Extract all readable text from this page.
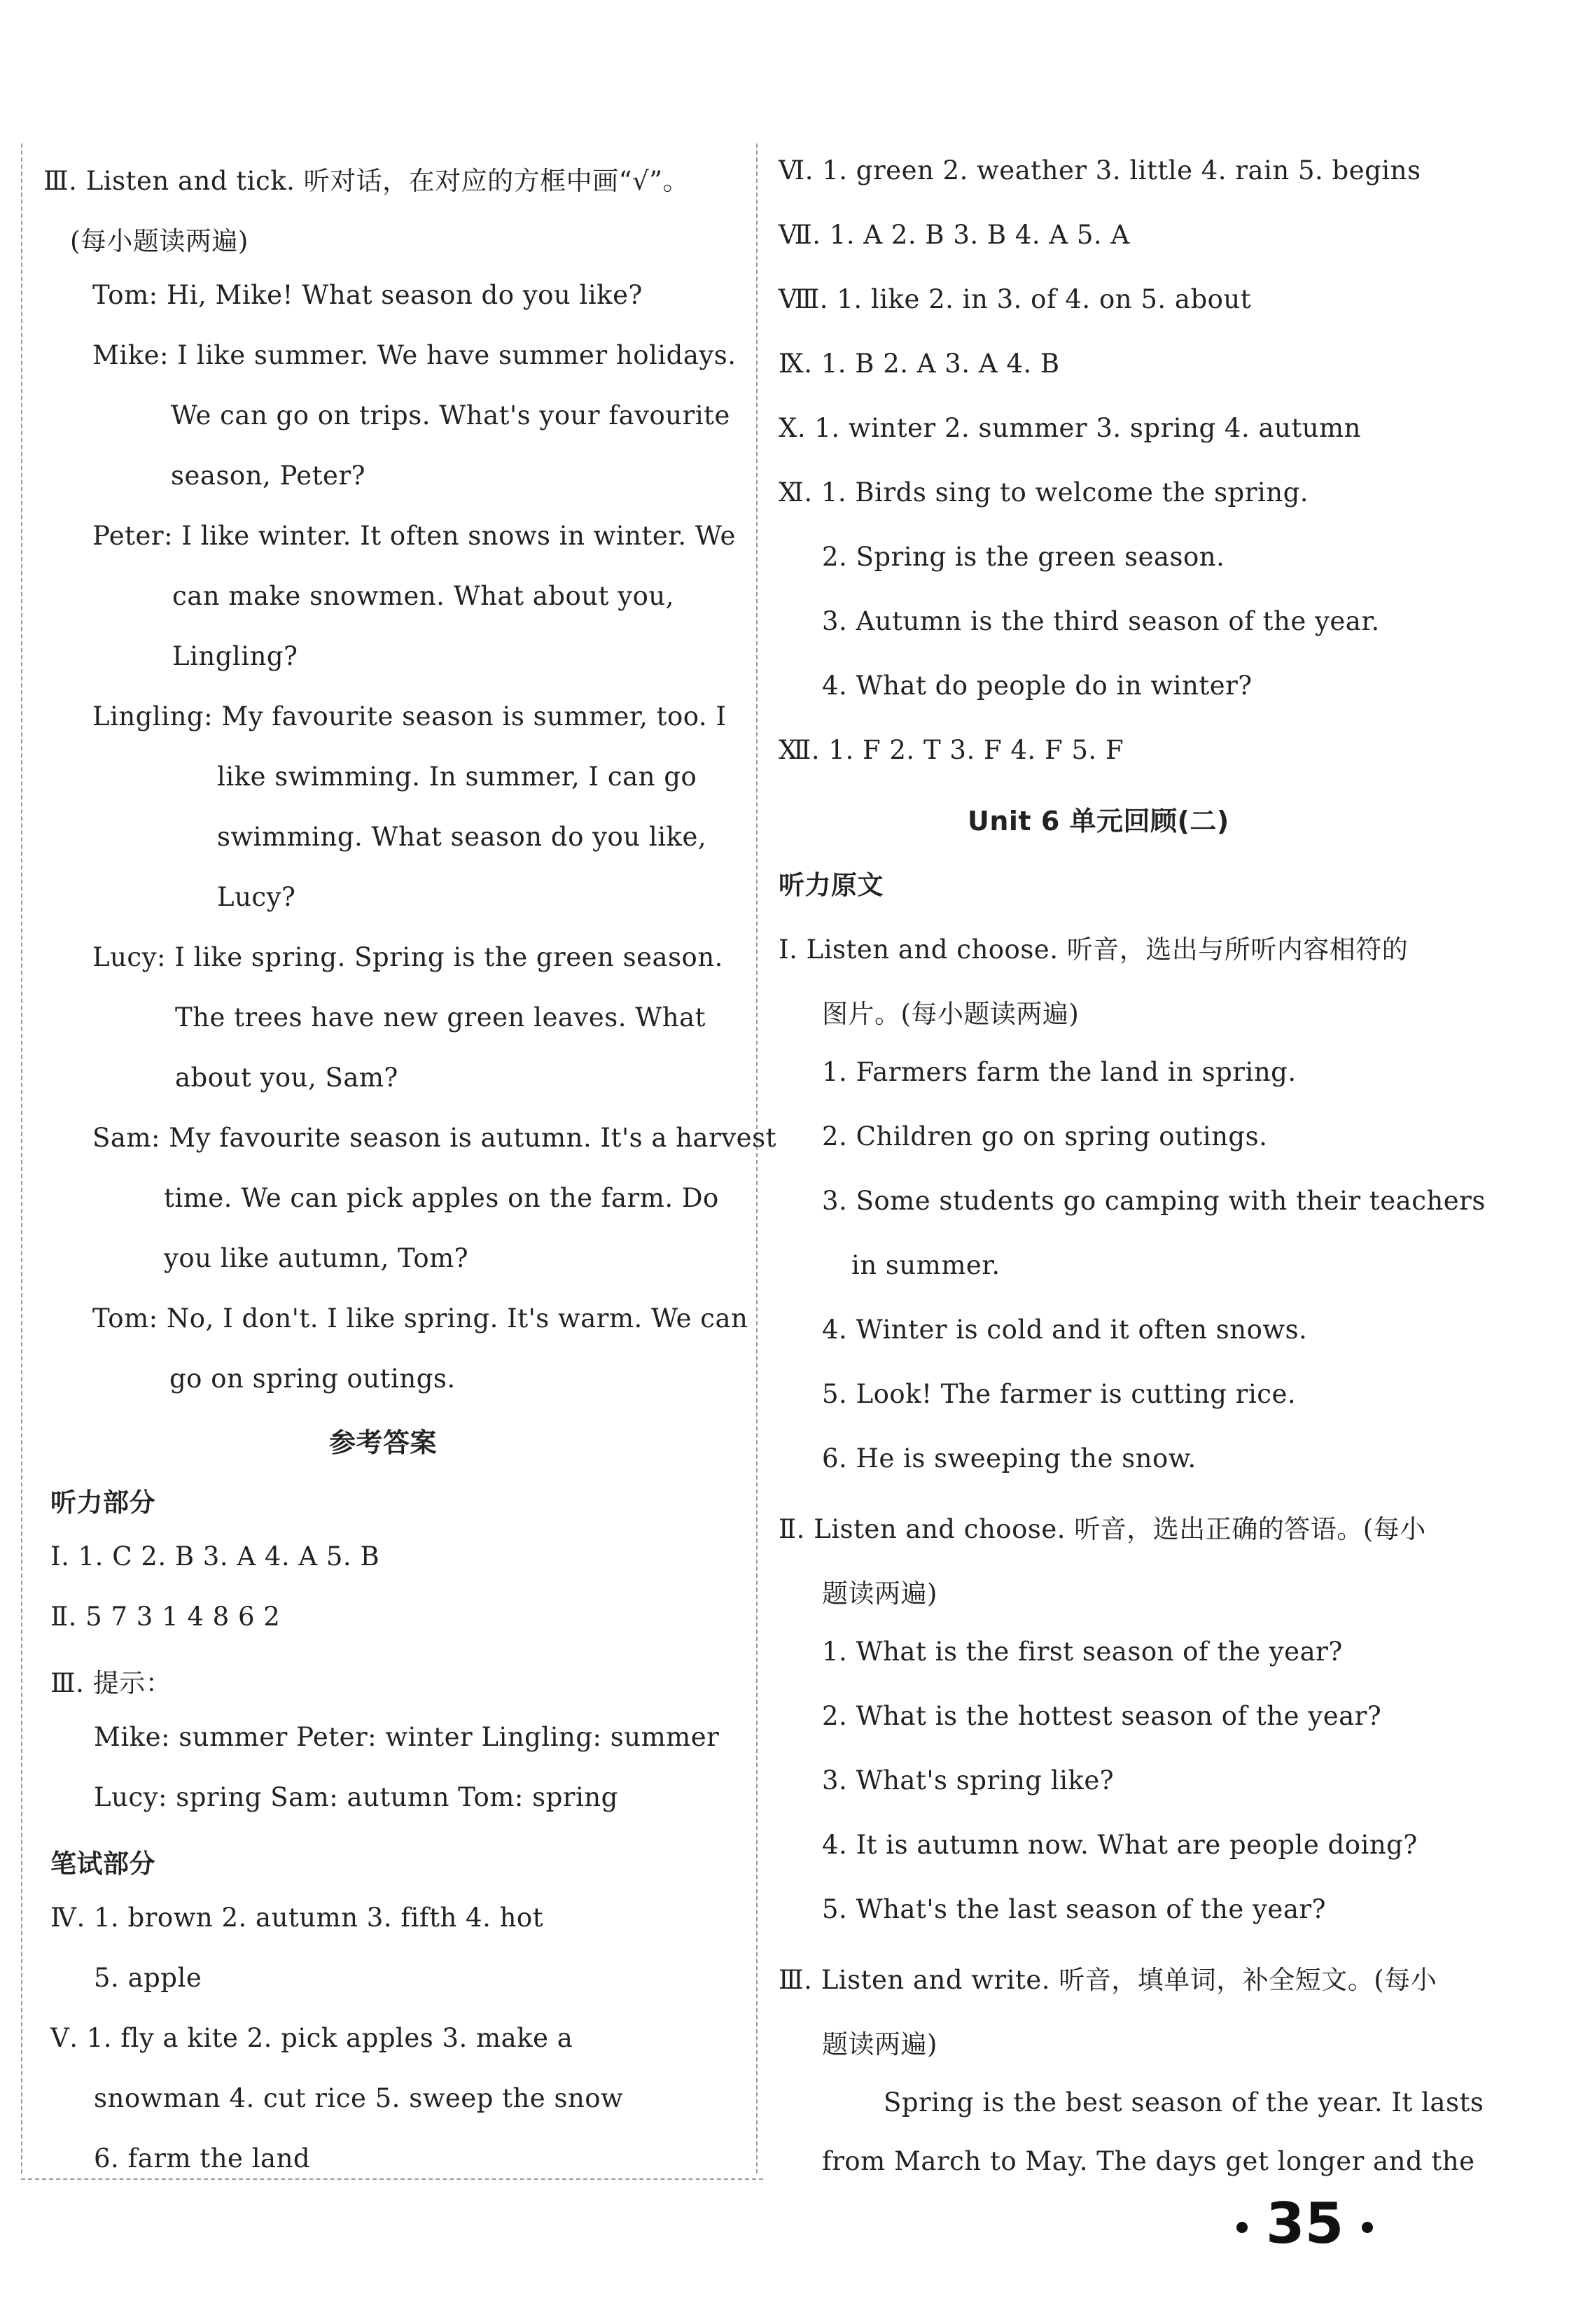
Ⅲ. Listen and tick. 听对话，在对应的方框中画“√”。
(每小题读两遍)
Tom: Hi, Mike! What season do you like?
Mike: I like summer. We have summer holidays.
We can go on trips. What's your favourite
season, Peter?
Peter: I like winter. It often snows in winter. We
can make snowmen. What about you,
Lingling?
Lingling: My favourite season is summer, too. I
like swimming. In summer, I can go
swimming. What season do you like,
Lucy?
Lucy: I like spring. Spring is the green season.
The trees have new green leaves. What
about you, Sam?
Sam: My favourite season is autumn. It's a harvest
time. We can pick apples on the farm. Do
you like autumn, Tom?
Tom: No, I don't. I like spring. It's warm. We can
go on spring outings.
参考答案
听力部分
Ⅰ. 1. C 2. B 3. A 4. A 5. B
Ⅱ. 5 7 3 1 4 8 6 2
Ⅲ. 提示：
Mike: summer Peter: winter Lingling: summer
Lucy: spring Sam: autumn Tom: spring
笔试部分
Ⅳ. 1. brown 2. autumn 3. fifth 4. hot
5. apple
Ⅴ. 1. fly a kite 2. pick apples 3. make a
snowman 4. cut rice 5. sweep the snow
6. farm the land
Ⅵ. 1. green 2. weather 3. little 4. rain 5. begins
Ⅶ. 1. A 2. B 3. B 4. A 5. A
Ⅷ. 1. like 2. in 3. of 4. on 5. about
Ⅸ. 1. B 2. A 3. A 4. B
Ⅹ. 1. winter 2. summer 3. spring 4. autumn
Ⅺ. 1. Birds sing to welcome the spring.
2. Spring is the green season.
3. Autumn is the third season of the year.
4. What do people do in winter?
Ⅻ. 1. F 2. T 3. F 4. F 5. F
Unit 6 单元回顾(二)
听力原文
Ⅰ. Listen and choose. 听音，选出与所听内容相符的
图片。(每小题读两遍)
1. Farmers farm the land in spring.
2. Children go on spring outings.
3. Some students go camping with their teachers
in summer.
4. Winter is cold and it often snows.
5. Look! The farmer is cutting rice.
6. He is sweeping the snow.
Ⅱ. Listen and choose. 听音，选出正确的答语。(每小
题读两遍)
1. What is the first season of the year?
2. What is the hottest season of the year?
3. What's spring like?
4. It is autumn now. What are people doing?
5. What's the last season of the year?
Ⅲ. Listen and write. 听音，填单词，补全短文。(每小
题读两遍)
Spring is the best season of the year. It lasts
from March to May. The days get longer and the
35
